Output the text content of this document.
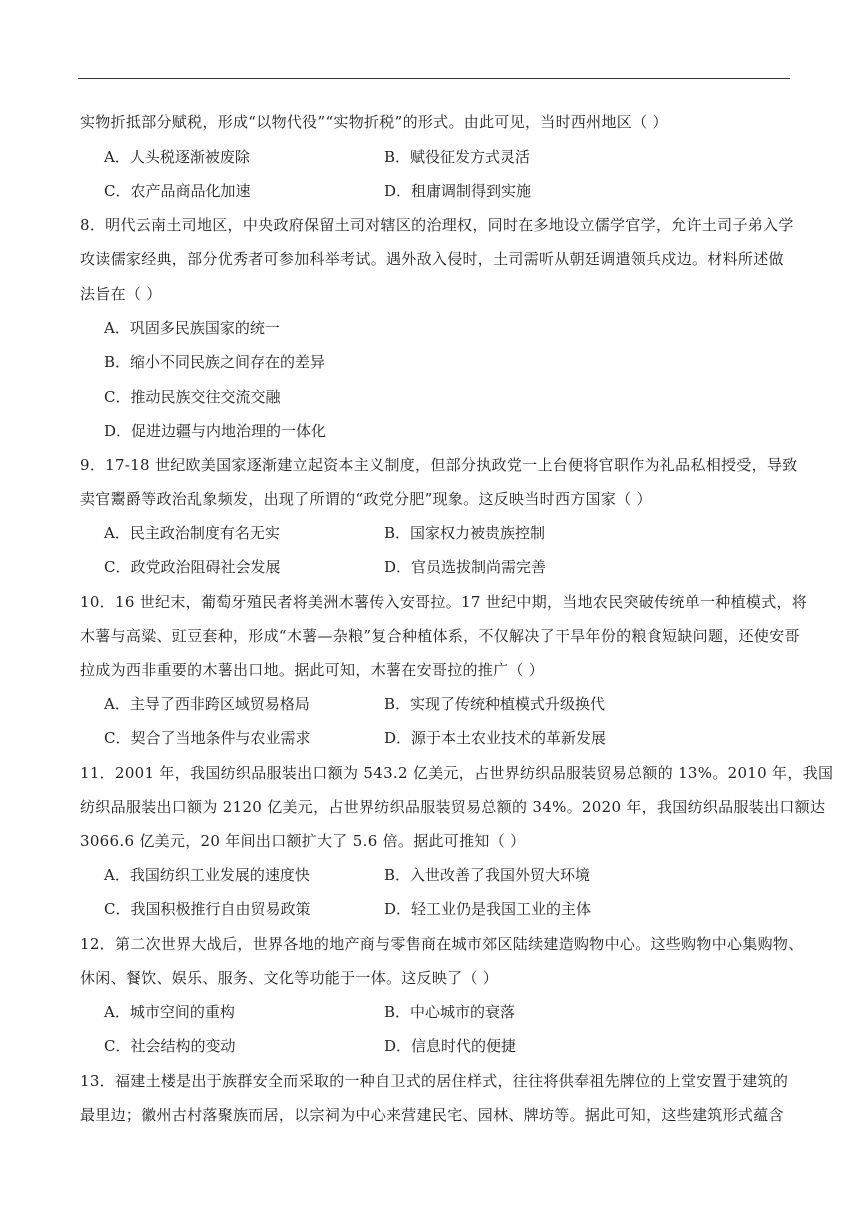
实物折抵部分赋税，形成“以物代役”“实物折税”的形式。由此可见，当时西州地区（ ）
A．人头税逐渐被废除	B．赋役征发方式灵活
C．农产品商品化加速	D．租庸调制得到实施
8．明代云南土司地区，中央政府保留土司对辖区的治理权，同时在多地设立儒学官学，允许土司子弟入学
攻读儒家经典，部分优秀者可参加科举考试。遇外敌入侵时，土司需听从朝廷调遣领兵戍边。材料所述做
法旨在（ ）
A．巩固多民族国家的统一
B．缩小不同民族之间存在的差异
C．推动民族交往交流交融
D．促进边疆与内地治理的一体化
9．17-18 世纪欧美国家逐渐建立起资本主义制度，但部分执政党一上台便将官职作为礼品私相授受，导致
卖官鬻爵等政治乱象频发，出现了所谓的“政党分肥”现象。这反映当时西方国家（ ）
A．民主政治制度有名无实	B．国家权力被贵族控制
C．政党政治阻碍社会发展	D．官员选拔制尚需完善
10．16 世纪末，葡萄牙殖民者将美洲木薯传入安哥拉。17 世纪中期，当地农民突破传统单一种植模式，将
木薯与高粱、豇豆套种，形成“木薯—杂粮”复合种植体系，不仅解决了干旱年份的粮食短缺问题，还使安哥
拉成为西非重要的木薯出口地。据此可知，木薯在安哥拉的推广（ ）
A．主导了西非跨区域贸易格局	B．实现了传统种植模式升级换代
C．契合了当地条件与农业需求	D．源于本土农业技术的革新发展
11．2001 年，我国纺织品服装出口额为 543.2 亿美元，占世界纺织品服装贸易总额的 13%。2010 年，我国
纺织品服装出口额为 2120 亿美元，占世界纺织品服装贸易总额的 34%。2020 年，我国纺织品服装出口额达
3066.6 亿美元，20 年间出口额扩大了 5.6 倍。据此可推知（ ）
A．我国纺织工业发展的速度快	B．入世改善了我国外贸大环境
C．我国积极推行自由贸易政策	D．轻工业仍是我国工业的主体
12．第二次世界大战后，世界各地的地产商与零售商在城市郊区陆续建造购物中心。这些购物中心集购物、
休闲、餐饮、娱乐、服务、文化等功能于一体。这反映了（ ）
A．城市空间的重构	B．中心城市的衰落
C．社会结构的变动	D．信息时代的便捷
13．福建土楼是出于族群安全而采取的一种自卫式的居住样式，往往将供奉祖先牌位的上堂安置于建筑的
最里边；徽州古村落聚族而居，以宗祠为中心来营建民宅、园林、牌坊等。据此可知，这些建筑形式蕴含
